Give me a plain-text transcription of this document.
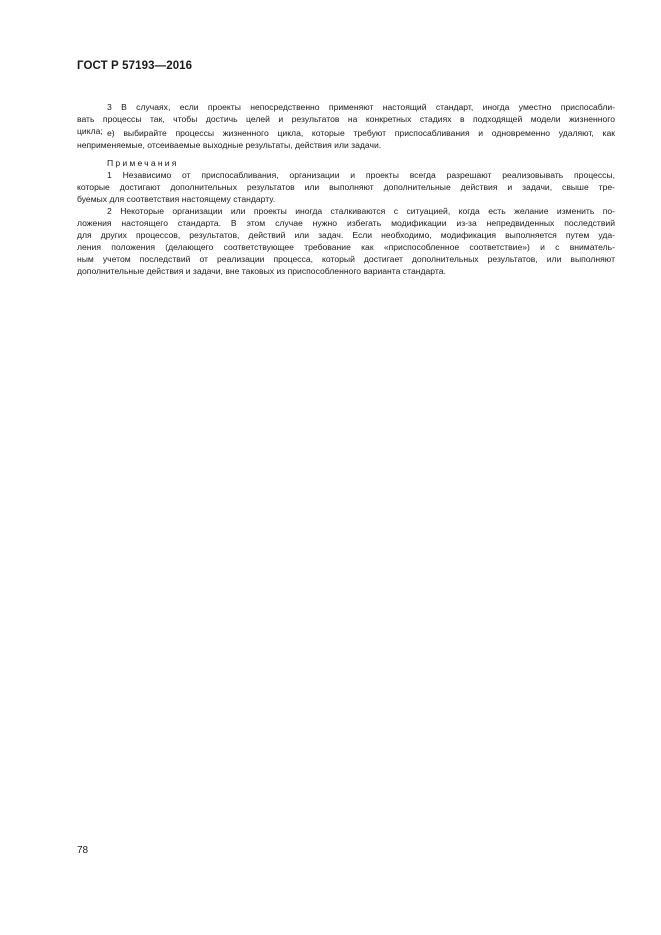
ГОСТ Р 57193—2016
3 В случаях, если проекты непосредственно применяют настоящий стандарт, иногда уместно приспосабли-
вать процессы так, чтобы достичь целей и результатов на конкретных стадиях в подходящей модели жизненного
цикла; е) выбирайте процессы жизненного цикла, которые требуют приспосабливания и одновременно удаляют, как
неприменяемые, отсеиваемые выходные результаты, действия или задачи.
Примечания
1 Независимо от приспосабливания, организации и проекты всегда разрешают реализовывать процессы,
которые достигают дополнительных результатов или выполняют дополнительные действия и задачи, свыше тре-
буемых для соответствия настоящему стандарту.
2 Некоторые организации или проекты иногда сталкиваются с ситуацией, когда есть желание изменить по-
ложения настоящего стандарта. В этом случае нужно избегать модификации из-за непредвиденных последствий
для других процессов, результатов, действий или задач. Если необходимо, модификация выполняется путем уда-
ления положения (делающего соответствующее требование как «приспособленное соответствие») и с вниматель-
ным учетом последствий от реализации процесса, который достигает дополнительных результатов, или выполняют
дополнительные действия и задачи, вне таковых из приспособленного варианта стандарта.
78
